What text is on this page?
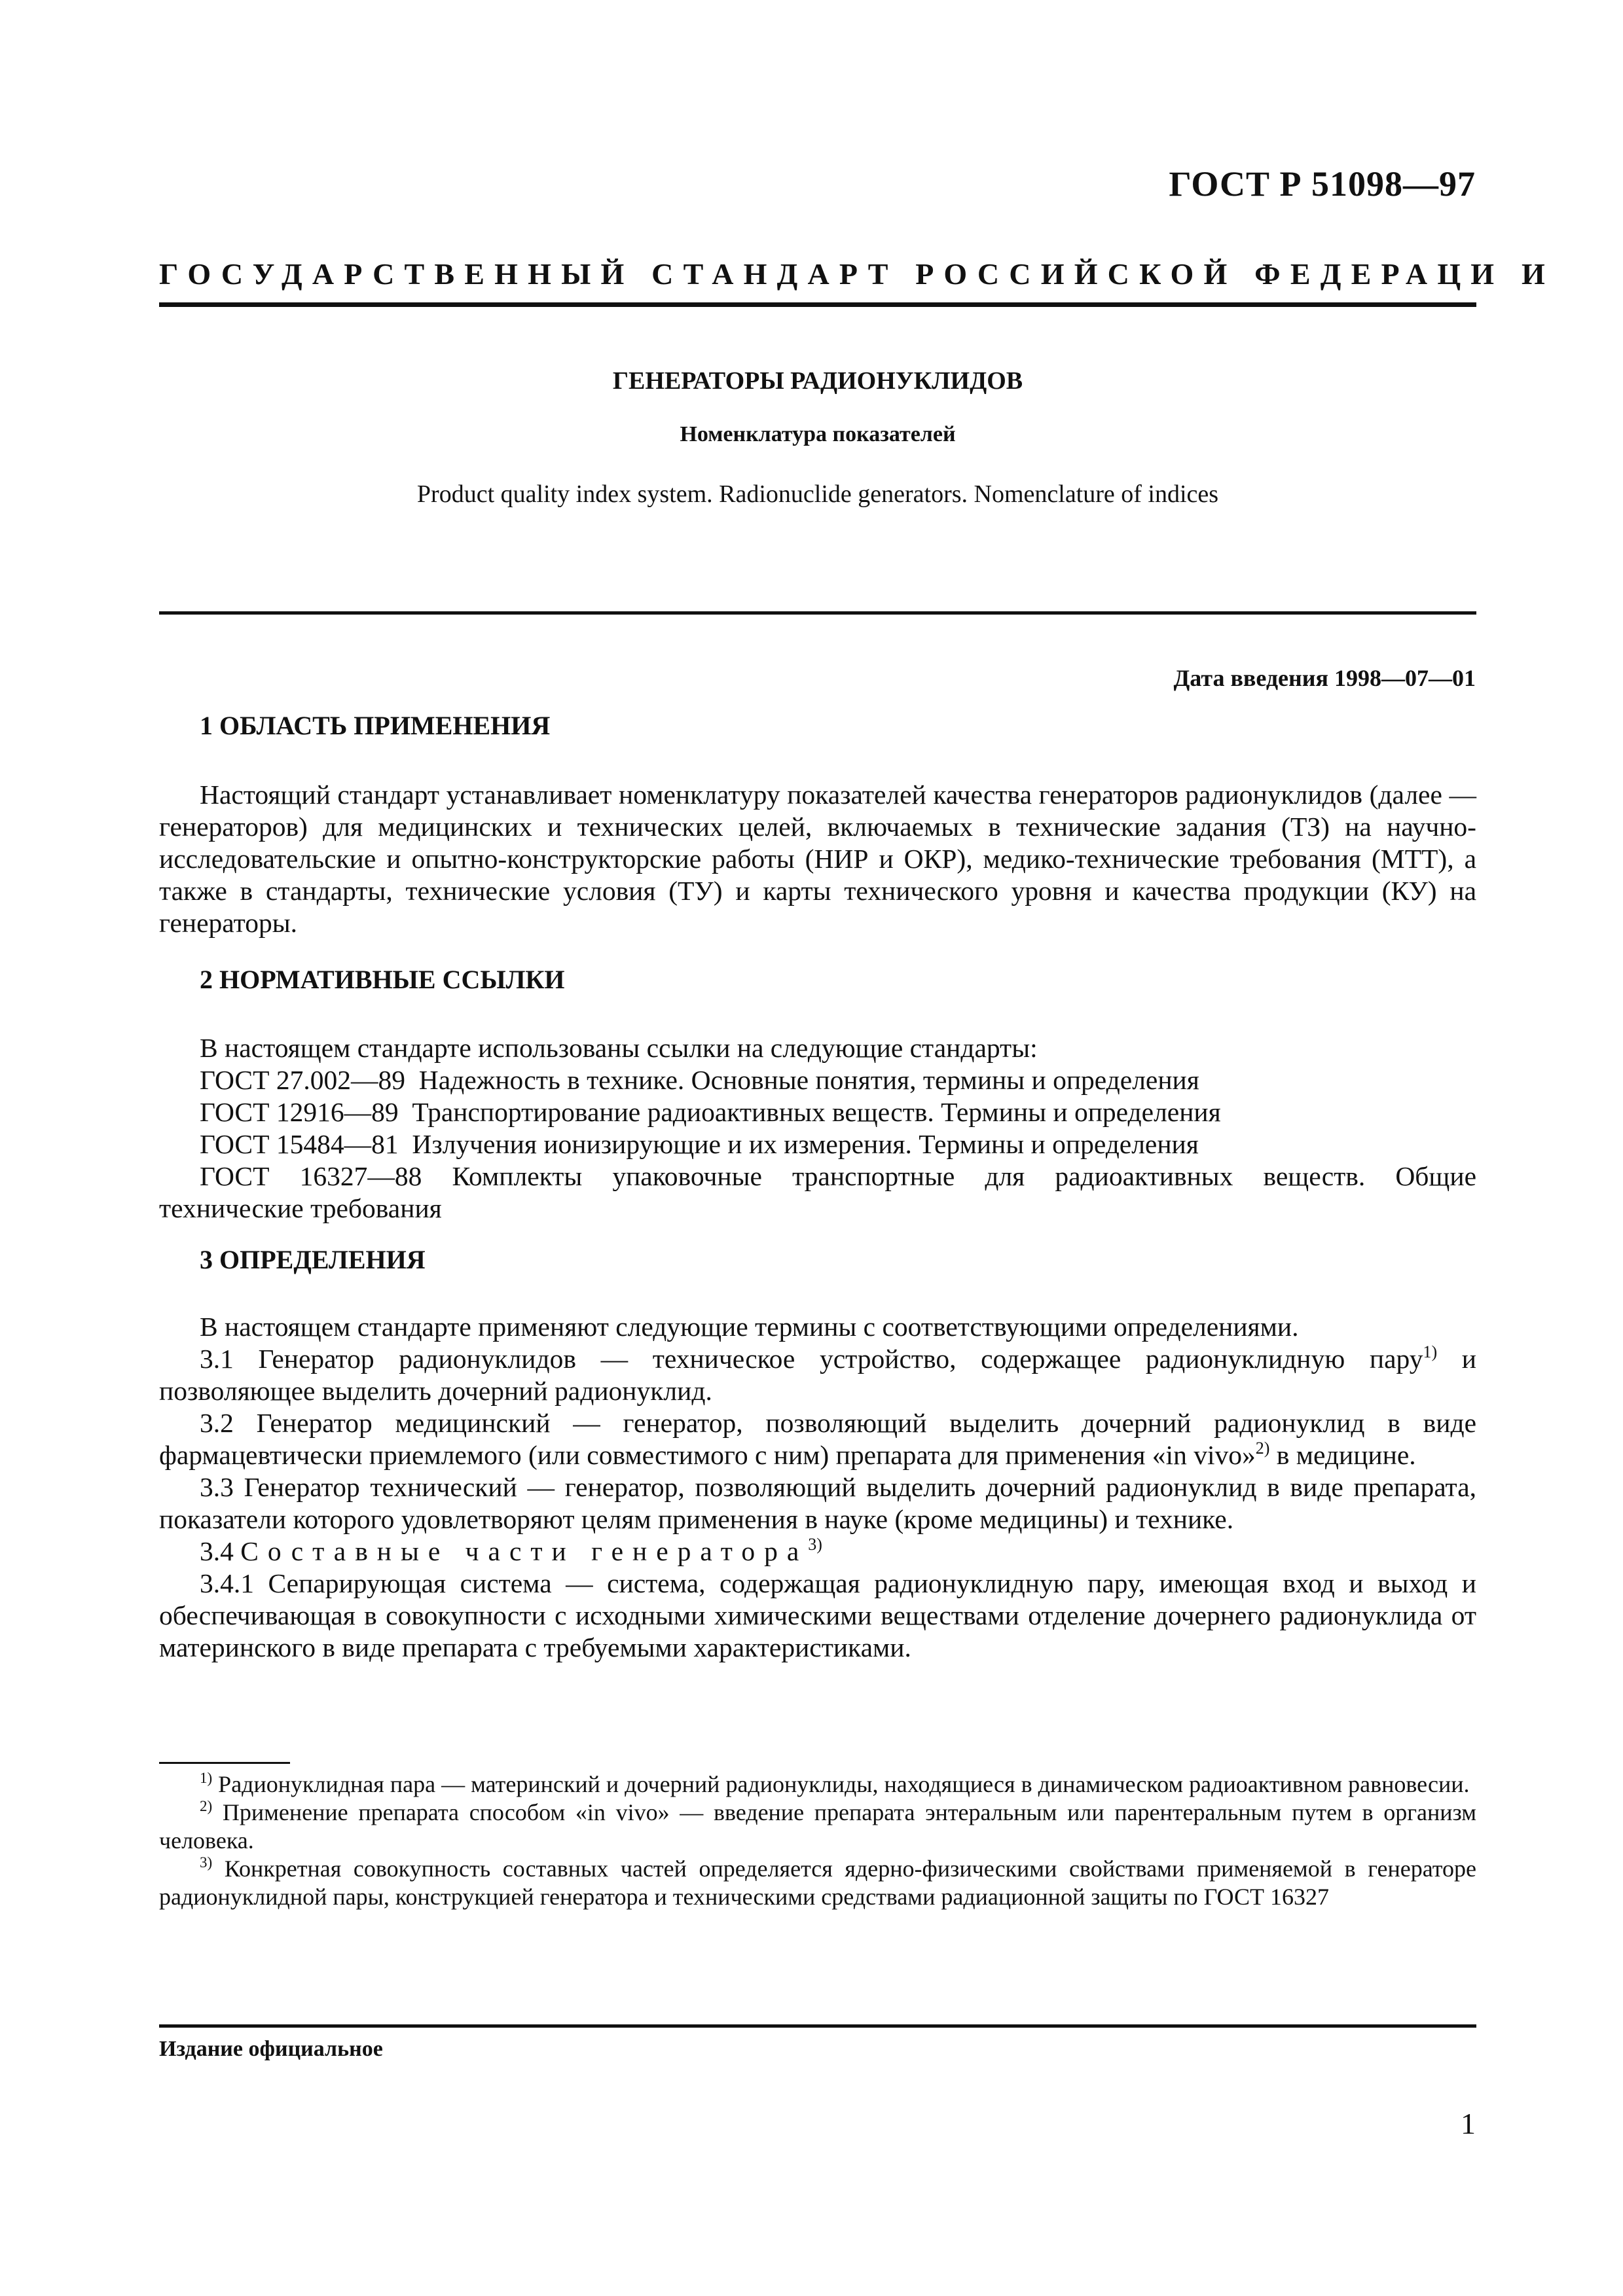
ГОСТ Р 51098—97
ГОСУДАРСТВЕННЫЙ СТАНДАРТ РОССИЙСКОЙ ФЕДЕРАЦИ И
ГЕНЕРАТОРЫ РАДИОНУКЛИДОВ
Номенклатура показателей
Product quality index system. Radionuclide generators. Nomenclature of indices
Дата введения 1998—07—01
1 ОБЛАСТЬ ПРИМЕНЕНИЯ

Настоящий стандарт устанавливает номенклатуру показателей качества генераторов радионуклидов (далее — генераторов) для медицинских и технических целей, включаемых в технические задания (ТЗ) на научно-исследовательские и опытно-конструкторские работы (НИР и ОКР), медико-технические требования (МТТ), а также в стандарты, технические условия (ТУ) и карты технического уровня и качества продукции (КУ) на генераторы.

2 НОРМАТИВНЫЕ ССЫЛКИ

В настоящем стандарте использованы ссылки на следующие стандарты:

ГОСТ 27.002—89 Надежность в технике. Основные понятия, термины и определения

ГОСТ 12916—89 Транспортирование радиоактивных веществ. Термины и определения

ГОСТ 15484—81 Излучения ионизирующие и их измерения. Термины и определения

ГОСТ 16327—88 Комплекты упаковочные транспортные для радиоактивных веществ. Общие

технические требования

3 ОПРЕДЕЛЕНИЯ

В настоящем стандарте применяют следующие термины с соответствующими определениями.

3.1 Генератор радионуклидов — техническое устройство, содержащее радионуклидную пару$^{1)}$ и позволяющее выделить дочерний радионуклид.

3.2 Генератор медицинский — генератор, позволяющий выделить дочерний радионуклид в виде фармацевтически приемлемого (или совместимого с ним) препарата для применения «in vivo»$^{2)}$ в медицине.

3.3 Генератор технический — генератор, позволяющий выделить дочерний радионуклид в виде препарата, показатели которого удовлетворяют целям применения в науке (кроме медицины) и технике.

3.4 Составные части генератора$^{3)}$

3.4.1 Сепарирующая система — система, содержащая радионуклидную пару, имеющая вход и выход и обеспечивающая в совокупности с исходными химическими веществами отделение дочернего радионуклида от материнского в виде препарата с требуемыми характеристиками.

$^{1)}$ Радионуклидная пара — материнский и дочерний радионуклиды, находящиеся в динамическом радиоактивном равновесии.

$^{2)}$ Применение препарата способом «in vivo» — введение препарата энтеральным или парентеральным путем в организм человека.

$^{3)}$ Конкретная совокупность составных частей определяется ядерно-физическими свойствами применяемой в генераторе радионуклидной пары, конструкцией генератора и техническими средствами радиационной защиты по ГОСТ 16327

Издание официальное
1
